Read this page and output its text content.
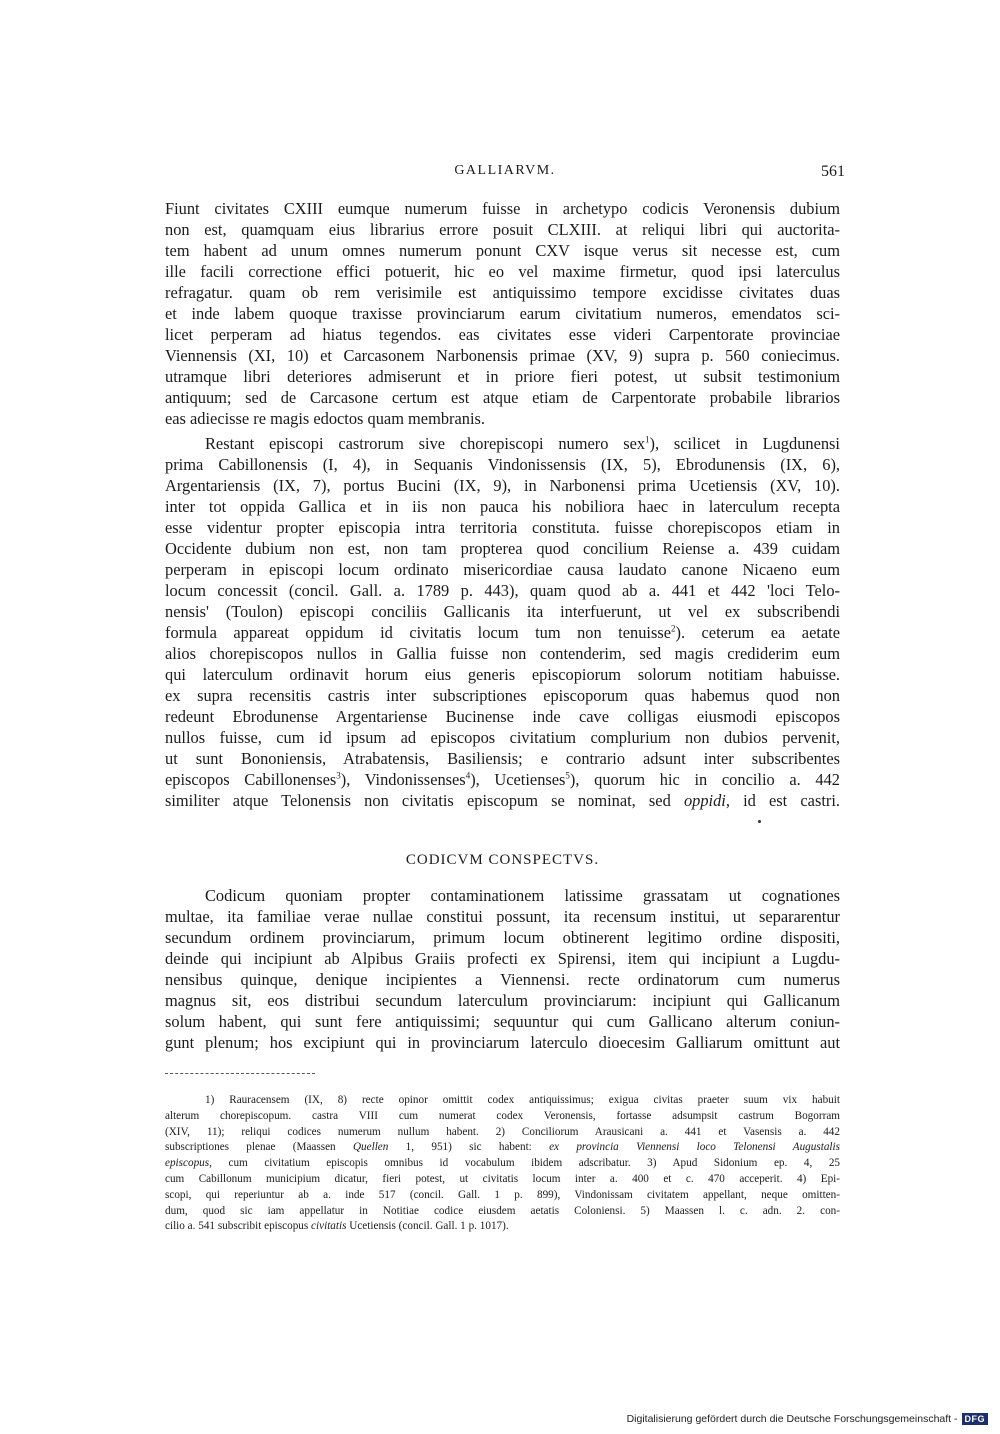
GALLIARVM.	561
Fiunt civitates CXIII eumque numerum fuisse in archetypo codicis Veronensis dubium
non est, quamquam eius librarius errore posuit CLXIII. at reliqui libri qui auctorita-
tem habent ad unum omnes numerum ponunt CXV isque verus sit necesse est, cum
ille facili correctione effici potuerit, hic eo vel maxime firmetur, quod ipsi laterculus
refragatur. quam ob rem verisimile est antiquissimo tempore excidisse civitates duas
et inde labem quoque traxisse provinciarum earum civitatium numeros, emendatos sci-
licet perperam ad hiatus tegendos. eas civitates esse videri Carpentorate provinciae
Viennensis (XI, 10) et Carcasonem Narbonensis primae (XV, 9) supra p. 560 coniecimus.
utramque libri deteriores admiserunt et in priore fieri potest, ut subsit testimonium
antiquum; sed de Carcasone certum est atque etiam de Carpentorate probabile librarios
eas adiecisse re magis edoctos quam membranis.
Restant episcopi castrorum sive chorepiscopi numero sex$^1$), scilicet in Lugdunensi
prima Cabillonensis (I, 4), in Sequanis Vindonissensis (IX, 5), Ebrodunensis (IX, 6),
Argentariensis (IX, 7), portus Bucini (IX, 9), in Narbonensi prima Ucetiensis (XV, 10).
inter tot oppida Gallica et in iis non pauca his nobiliora haec in laterculum recepta
esse videntur propter episcopia intra territoria constituta. fuisse chorepiscopos etiam in
Occidente dubium non est, non tam propterea quod concilium Reiense a. 439 cuidam
perperam in episcopi locum ordinato misericordiae causa laudato canone Nicaeno eum
locum concessit (concil. Gall. a. 1789 p. 443), quam quod ab a. 441 et 442 'loci Telo-
nensis' (Toulon) episcopi conciliis Gallicanis ita interfuerunt, ut vel ex subscribendi
formula appareat oppidum id civitatis locum tum non tenuisse$^2$). ceterum ea aetate
alios chorepiscopos nullos in Gallia fuisse non contenderim, sed magis crediderim eum
qui laterculum ordinavit horum eius generis episcopiorum solorum notitiam habuisse.
ex supra recensitis castris inter subscriptiones episcoporum quas habemus quod non
redeunt Ebrodunense Argentariense Bucinense inde cave colligas eiusmodi episcopos
nullos fuisse, cum id ipsum ad episcopos civitatium complurium non dubios pervenit,
ut sunt Bononiensis, Atrabatensis, Basiliensis; e contrario adsunt inter subscribentes
episcopos Cabillonenses$^3$), Vindonissenses$^4$), Ucetienses$^5$), quorum hic in concilio a. 442
similiter atque Telonensis non civitatis episcopum se nominat, sed oppidi, id est castri.
CODICVM CONSPECTVS.
Codicum quoniam propter contaminationem latissime grassatam ut cognationes
multae, ita familiae verae nullae constitui possunt, ita recensum institui, ut separarentur
secundum ordinem provinciarum, primum locum obtinerent legitimo ordine dispositi,
deinde qui incipiunt ab Alpibus Graiis profecti ex Spirensi, item qui incipiunt a Lugdu-
nensibus quinque, denique incipientes a Viennensi. recte ordinatorum cum numerus
magnus sit, eos distribui secundum laterculum provinciarum: incipiunt qui Gallicanum
solum habent, qui sunt fere antiquissimi; sequuntur qui cum Gallicano alterum coniun-
gunt plenum; hos excipiunt qui in provinciarum laterculo dioecesim Galliarum omittunt aut
1) Rauracensem (IX, 8) recte opinor omittit codex antiquissimus; exigua civitas praeter suum vix habuit
alterum chorepiscopum. castra VIII cum numerat codex Veronensis, fortasse adsumpsit castrum Bogorram
(XIV, 11); reliqui codices numerum nullum habent. 2) Conciliorum Arausicani a. 441 et Vasensis a. 442
subscriptiones plenae (Maassen Quellen 1, 951) sic habent: ex provincia Viennensi loco Telonensi Augustalis
episcopus, cum civitatium episcopis omnibus id vocabulum ibidem adscribatur. 3) Apud Sidonium ep. 4, 25
cum Cabillonum municipium dicatur, fieri potest, ut civitatis locum inter a. 400 et c. 470 acceperit. 4) Epi-
scopi, qui reperiuntur ab a. inde 517 (concil. Gall. 1 p. 899), Vindonissam civitatem appellant, neque omitten-
dum, quod sic iam appellatur in Notitiae codice eiusdem aetatis Coloniensi. 5) Maassen l. c. adn. 2. con-
cilio a. 541 subscribit episcopus civitatis Ucetiensis (concil. Gall. 1 p. 1017).
Digitalisierung gefördert durch die Deutsche Forschungsgemeinschaft - DFG
